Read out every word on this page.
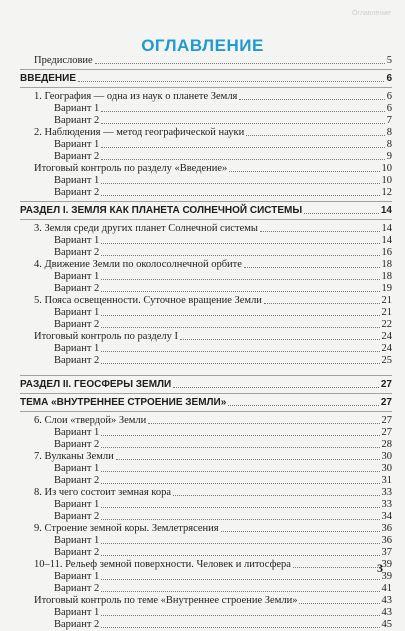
Оглавление
ОГЛАВЛЕНИЕ
Предисловие	5
ВВЕДЕНИЕ	6
1. География — одна из наук о планете Земля	6
Вариант 1	6
Вариант 2	7
2. Наблюдения — метод географической науки	8
Вариант 1	8
Вариант 2	9
Итоговый контроль по разделу «Введение»	10
Вариант 1	10
Вариант 2	12
РАЗДЕЛ I. ЗЕМЛЯ КАК ПЛАНЕТА СОЛНЕЧНОЙ СИСТЕМЫ	14
3. Земля среди других планет Солнечной системы	14
Вариант 1	14
Вариант 2	16
4. Движение Земли по околосолнечной орбите	18
Вариант 1	18
Вариант 2	19
5. Пояса освещенности. Суточное вращение Земли	21
Вариант 1	21
Вариант 2	22
Итоговый контроль по разделу I	24
Вариант 1	24
Вариант 2	25
РАЗДЕЛ II. ГЕОСФЕРЫ ЗЕМЛИ	27
ТЕМА «ВНУТРЕННЕЕ СТРОЕНИЕ ЗЕМЛИ»	27
6. Слои «твердой» Земли	27
Вариант 1	27
Вариант 2	28
7. Вулканы Земли	30
Вариант 1	30
Вариант 2	31
8. Из чего состоит земная кора	33
Вариант 1	33
Вариант 2	34
9. Строение земной коры. Землетрясения	36
Вариант 1	36
Вариант 2	37
10–11. Рельеф земной поверхности. Человек и литосфера	39
Вариант 1	39
Вариант 2	41
Итоговый контроль по теме «Внутреннее строение Земли»	43
Вариант 1	43
Вариант 2	45
3
